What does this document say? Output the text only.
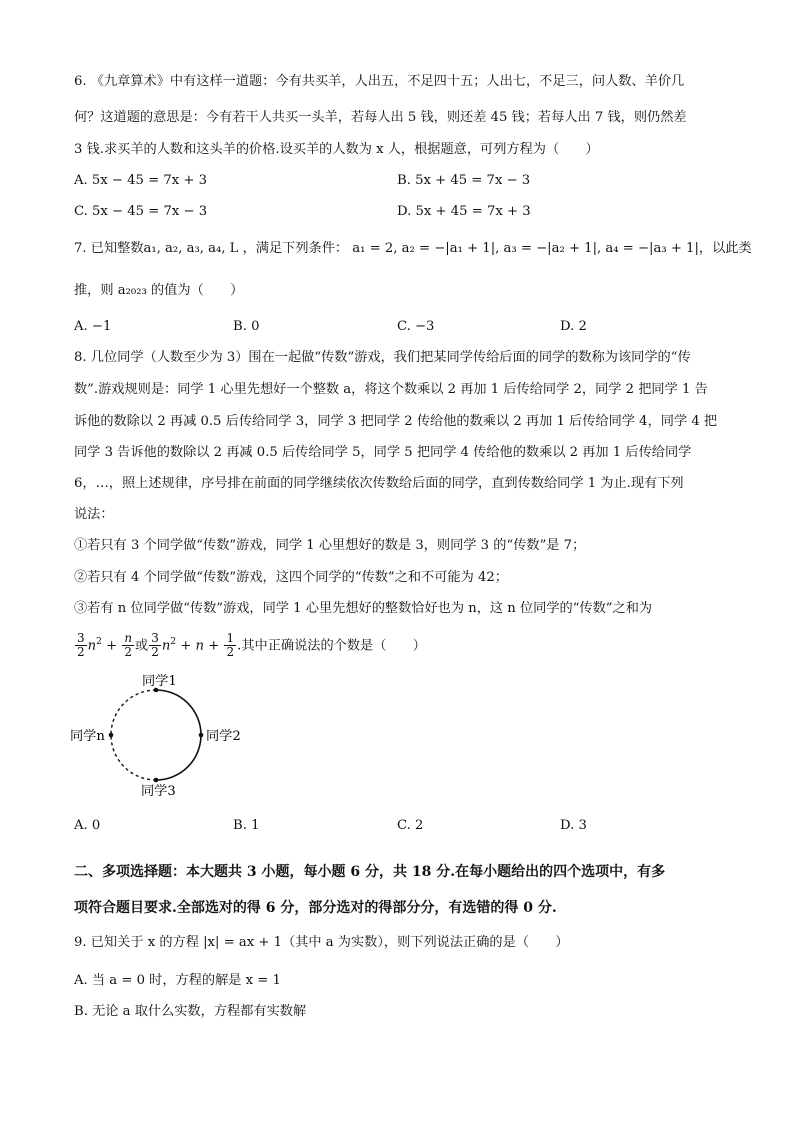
6. 《九章算术》中有这样一道题：今有共买羊，人出五，不足四十五；人出七，不足三，问人数、羊价几
何？这道题的意思是：今有若干人共买一头羊，若每人出 5 钱，则还差 45 钱；若每人出 7 钱，则仍然差
3 钱.求买羊的人数和这头羊的价格.设买羊的人数为 x 人，根据题意，可列方程为（　　）
A. 5x − 45 = 7x + 3	B. 5x + 45 = 7x − 3
C. 5x − 45 = 7x − 3	D. 5x + 45 = 7x + 3
7. 已知整数a₁, a₂, a₃, a₄, L ，满足下列条件： a₁ = 2, a₂ = −|a₁ + 1|, a₃ = −|a₂ + 1|, a₄ = −|a₃ + 1|，以此类
推，则 a₂₀₂₃ 的值为（　　）
A. −1	B. 0	C. −3	D. 2
8. 几位同学（人数至少为 3）围在一起做“传数”游戏，我们把某同学传给后面的同学的数称为该同学的“传
数”.游戏规则是：同学 1 心里先想好一个整数 a，将这个数乘以 2 再加 1 后传给同学 2，同学 2 把同学 1 告
诉他的数除以 2 再减 0.5 后传给同学 3，同学 3 把同学 2 传给他的数乘以 2 再加 1 后传给同学 4，同学 4 把
同学 3 告诉他的数除以 2 再减 0.5 后传给同学 5，同学 5 把同学 4 传给他的数乘以 2 再加 1 后传给同学
6，…，照上述规律，序号排在前面的同学继续依次传数给后面的同学，直到传数给同学 1 为止.现有下列
说法：
①若只有 3 个同学做“传数”游戏，同学 1 心里想好的数是 3，则同学 3 的“传数”是 7；
②若只有 4 个同学做“传数”游戏，这四个同学的“传数”之和不可能为 42；
③若有 n 位同学做“传数”游戏，同学 1 心里先想好的整数恰好也为 n，这 n 位同学的“传数”之和为
$\frac{3}{2} n^2 + \frac{n}{2}$ 或 $\frac{3}{2} n^2 + n + \frac{1}{2}$ .其中正确说法的个数是（　　）
同学1
同学2
同学3
同学n
A. 0	B. 1	C. 2	D. 3
二、多项选择题：本大题共 3 小题，每小题 6 分，共 18 分.在每小题给出的四个选项中，有多
项符合题目要求.全部选对的得 6 分，部分选对的得部分分，有选错的得 0 分.
9. 已知关于 x 的方程 |x| = ax + 1（其中 a 为实数），则下列说法正确的是（　　）
A. 当 a = 0 时，方程的解是 x = 1
B. 无论 a 取什么实数，方程都有实数解
